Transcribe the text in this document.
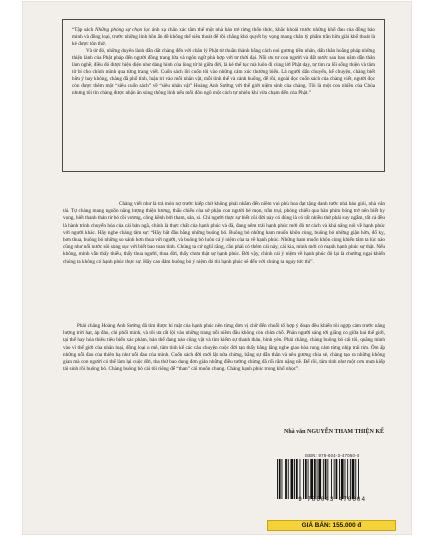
“Tập sách Những phóng sự chọn lọc ánh xạ chân xác tâm thế một nhà báo trẻ từng thổn thức, khắc khoải trước những khổ đau của đồng bào mình và đồng loại, trước những linh hồn ẩn dề không thể siêu thoát để rồi chẳng khó quyết hy vọng mang chân lý phẩm trần hữu giải khổ thoát là kẻ được tôn thờ.

Và từ đó, những duyên lành dẫn dắt chàng đến với chân lý Phật từ thuần thành bằng cách noi gương tiền nhân, dấn thân hoằng pháp những thiện lành của Phật pháp đến người đồng trang lứa và ngôn ngữ phù hợp với tư thời đại. Nỗi ưu tư con người và đất nước sau bao năm dẫn thân làm nghề, điều đó được hiện diện như dáng hình của lòng từ bi giữa đời, là kẻ thế tục mà luôn đi cùng lời Phật dạy, tự tìm ra lối sống thiện và tâm tử bi cho chính mình qua từng trang viết. Cuốn sách lôi cuốn tôi vào những cảm xúc thường biến. Là người dấn chuyến, kể chuyện, chàng biết hữu ý hay không, chàng đã phổ tính, luận trí vào mỗi nhân vật, mỗi tình thế và cảnh huống, để rồi, ngoài đọc cuốn sách của chàng viết, người đọc còn được thêm một “siêu cuốn sách” về “siêu nhân vật” Hoàng Anh Sướng với thế giới niệm sinh của chàng. Tôi là một con nhiều của Chùa nhưng tôi tin chàng được nhận ân sủng thông linh nếu mỗi đôn ngõ một cách tự nhiên khi vừa chạm đến của Phật.”

Chàng viết như là trả món nợ trước kiếp chứ không phải nhằm đến niềm vui phù hoa đạt tặng danh tước nhà báo giỏi, nhà văn tài. Tự chàng mang nguồn năng lượng thiện lương, thấu chiếu của sở phận con người bé mọn, trần trụi, phóng chiếu qua hàn phím bóng trở nên biết hy vọng, biết thanh thản từ bỏ rồi vương, công kềnh bởi tham, sân, si. Chỉ người thực sự biết cõi đời này có đúng là có rất nhiều thứ phải suy ngẫm, tất cả đều là hành trình chuyển hóa của cái bản ngã, chính là thực chất của hạnh phúc và đã, đang nêm trải hạnh phúc mới đủ tư cách và khả năng nói về hạnh phúc với người khác. Hãy nghe chàng tâm sự: “Hãy bắt đầu bằng những buông bỏ. Buông bỏ những ham muốn khôn cùng, buông bỏ những giận hờn, đổ kỵ, hơn thua, buông bỏ những so sánh hơn thua với người, và buông bỏ luôn cả ý niệm của ta về hạnh phúc. Những ham muốn khôn cùng khiến tâm ta lúc nào cũng như nổi nước sôi sùng sục với biết bao toan tính. Chúng ta cứ nghĩ rằng, cần phải có thêm cái này, cái kia, mình mới có mạnh hạnh phúc sự thật. Nếu không, mình vẫn thấy thiếu, thấy thua người, thua đời, thấy chưa thật sự hạnh phúc. Bởi vậy, chính cái ý niệm về hạnh phúc đó lại là chướng ngại khiến chúng ta không có hạnh phúc thực sự. Hãy cao đảm buông bỏ ý niệm đó thì hạnh phúc sẽ đến với chúng ta ngay tức thì”.

Phải chăng Hoàng Anh Sướng đã tìm được bí mật của hạnh phúc nên từng đơn vị chữ đến chuỗi tổ hợp ý đoạn đều khiến tôi ngợp cảm trước năng lượng trời hạt, áp đảo, chi phối mình, và tôi ưa rất lội vào những trang nỗi niềm đầu không còn chừa chỗ. Phân người sáng tới giẵng co giữa hai thế giới, tại thế hay hóa thiêu tiêu biến xác phàm, bản thể đang nào cũng vật và tìm kiếm sự thanh thản, bình yên. Phải chăng, chàng buông bỏ cái tôi, quãng mình vào vì thế giới của nhân loại, đồng loại u mê, tâm tình kể các câu chuyện cuộc đời tạn thấy bằng lắng nghe giao hòa rung cảm từng nhịp trái tim. Ôm ấp những nỗi đau của thiên hạ như nỗi đau của mình. Cuốn sách đời mới lật nửa chừng, bằng sự dẫn thân và nêu gương chia sẻ, chàng tạo ra những không gian mà con người có thể làm lại cuộc đời, tha thứ bao dung đơn giản những điều tưởng chừng đã rối rắm nặng nề. Để rồi, tâm tình như một cơn mưa kiếp tái sinh rồi buông bỏ. Chàng buông bỏ cái tôi riêng để “than” cái muôn chung. Chàng hạnh phúc trong khổ nhọc”.

Nhà văn NGUYỄN THAM THIỆN KẾ
ISBN: 978-604-3-47060-4
9 786043 470604
GIÁ BÁN: 155.000 đ
